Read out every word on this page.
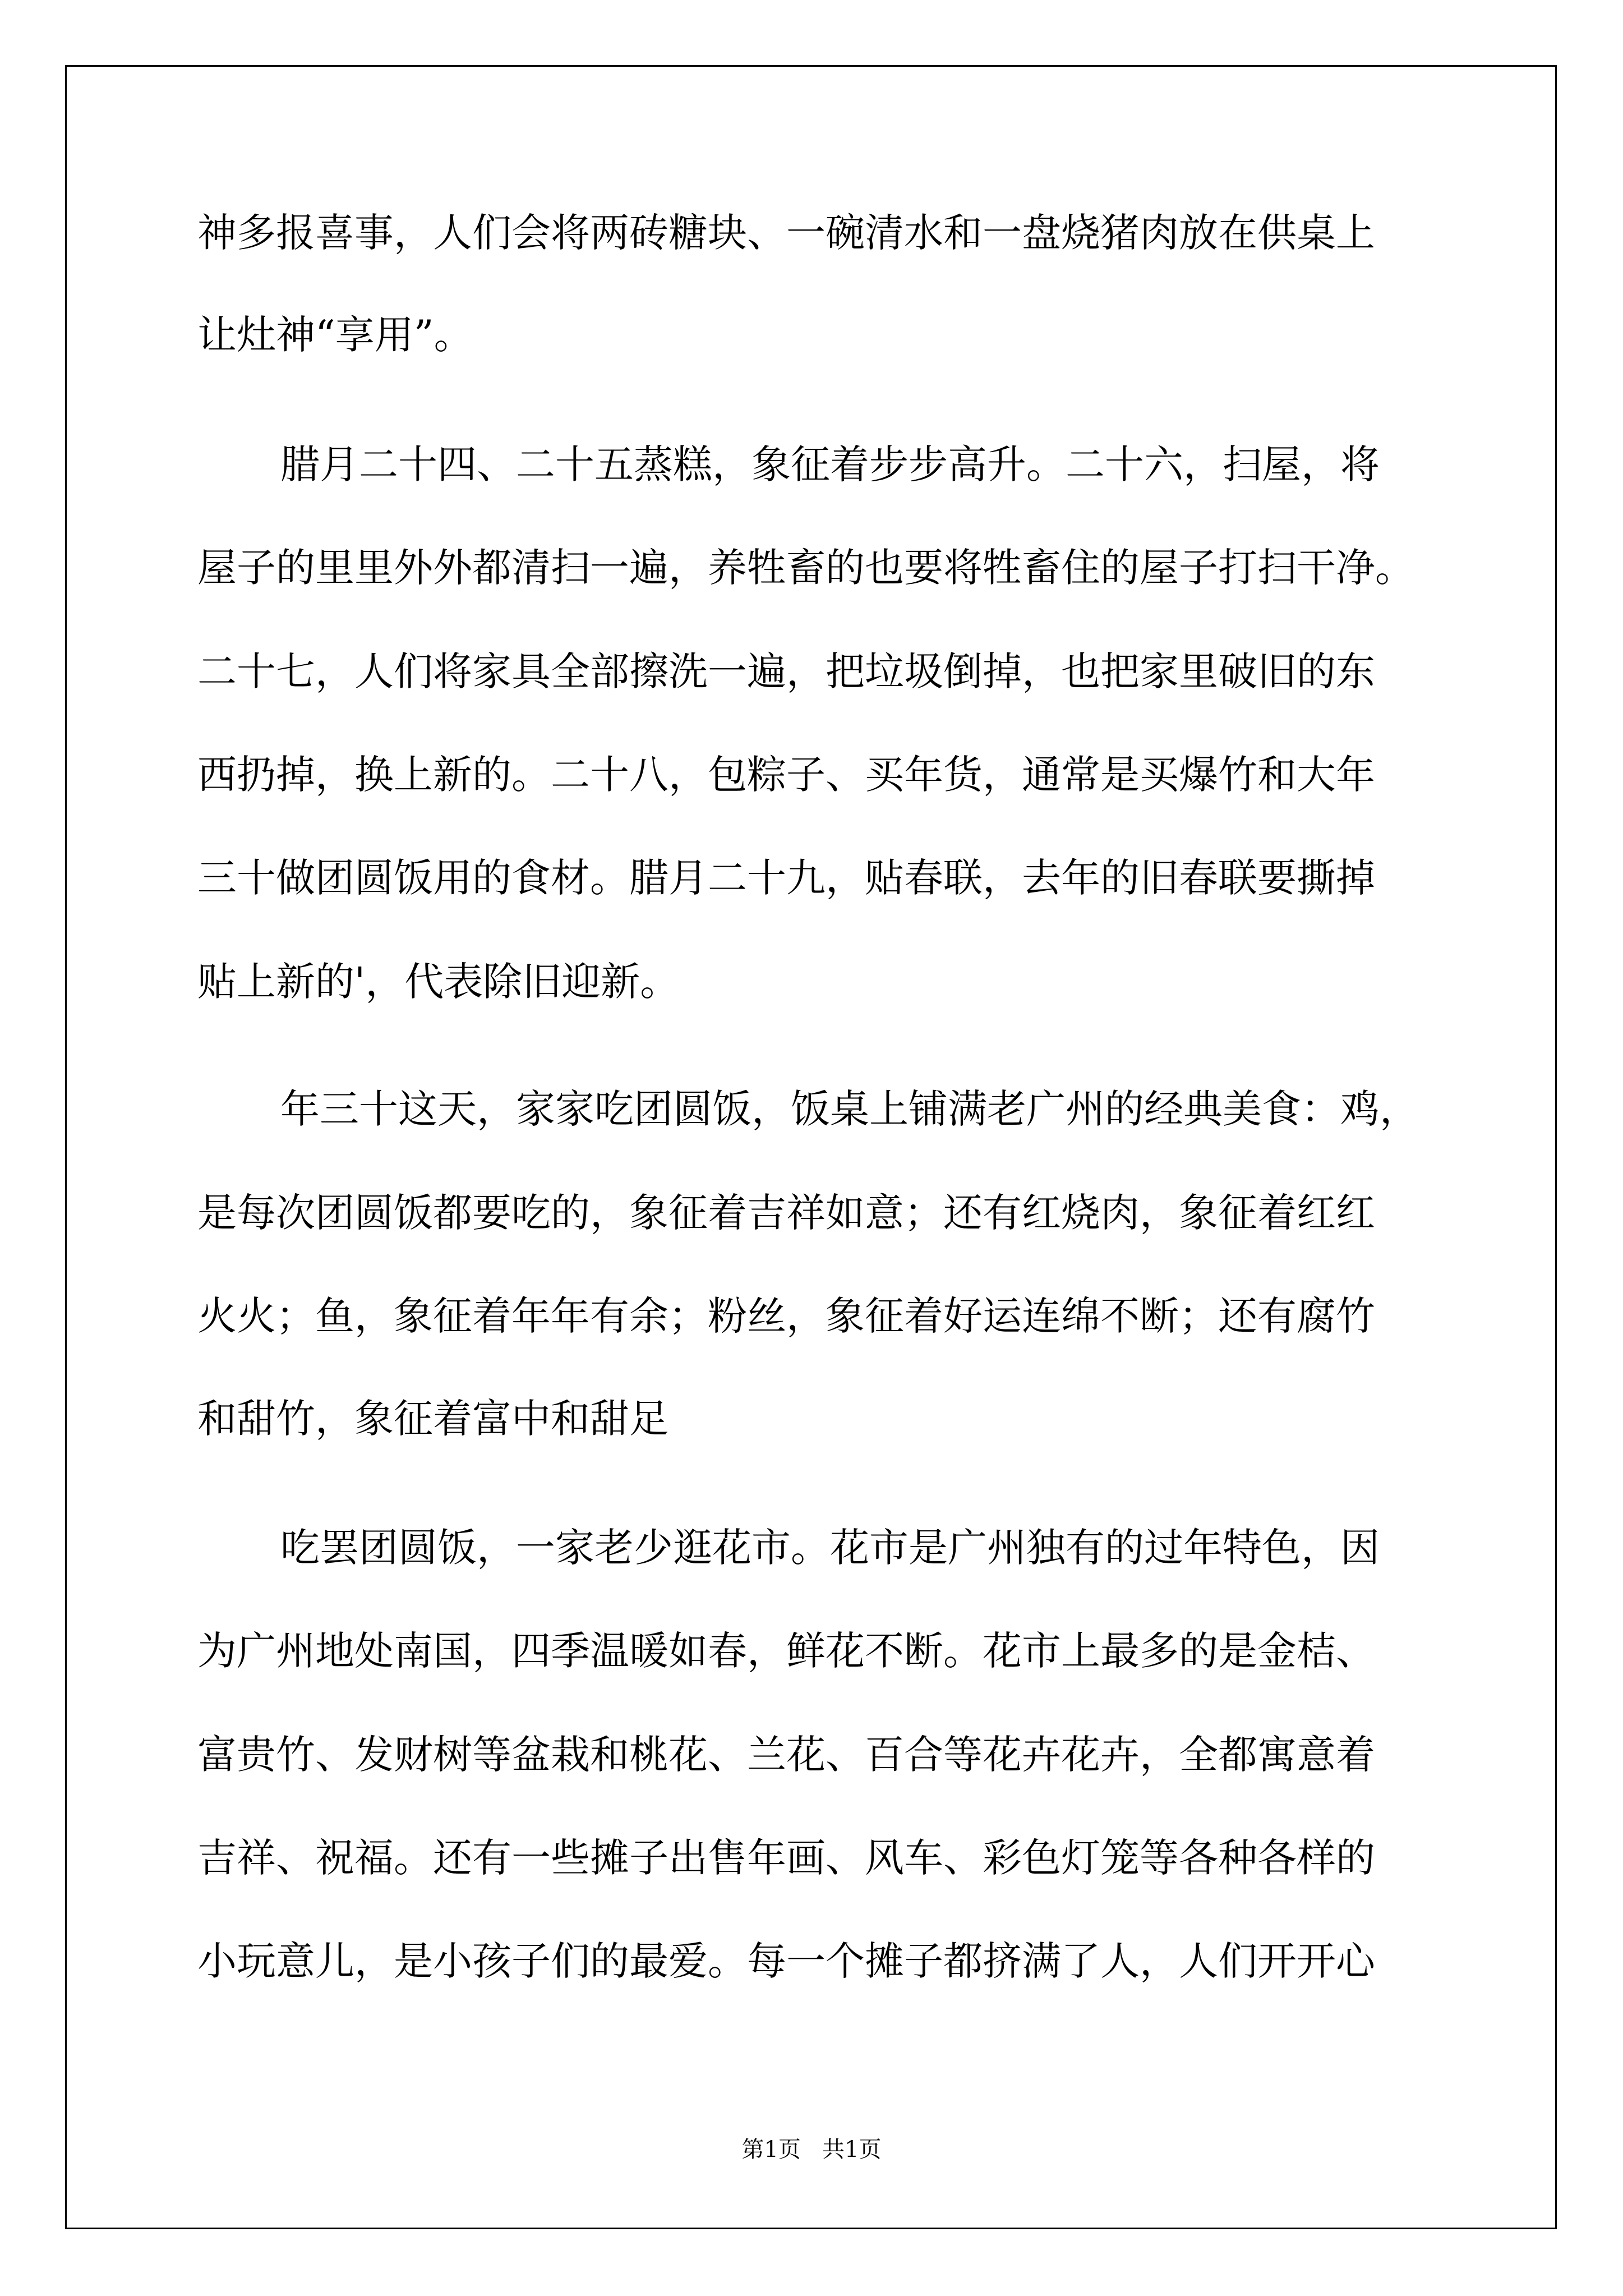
神多报喜事，人们会将两砖糖块、一碗清水和一盘烧猪肉放在供桌上
让灶神“享用”。
腊月二十四、二十五蒸糕，象征着步步高升。二十六，扫屋，将
屋子的里里外外都清扫一遍，养牲畜的也要将牲畜住的屋子打扫干净。
二十七，人们将家具全部擦洗一遍，把垃圾倒掉，也把家里破旧的东
西扔掉，换上新的。二十八，包粽子、买年货，通常是买爆竹和大年
三十做团圆饭用的食材。腊月二十九，贴春联，去年的旧春联要撕掉
贴上新的'，代表除旧迎新。
年三十这天，家家吃团圆饭，饭桌上铺满老广州的经典美食：鸡，
是每次团圆饭都要吃的，象征着吉祥如意；还有红烧肉，象征着红红
火火；鱼，象征着年年有余；粉丝，象征着好运连绵不断；还有腐竹
和甜竹，象征着富中和甜足
吃罢团圆饭，一家老少逛花市。花市是广州独有的过年特色，因
为广州地处南国，四季温暖如春，鲜花不断。花市上最多的是金桔、
富贵竹、发财树等盆栽和桃花、兰花、百合等花卉花卉，全都寓意着
吉祥、祝福。还有一些摊子出售年画、风车、彩色灯笼等各种各样的
小玩意儿，是小孩子们的最爱。每一个摊子都挤满了人，人们开开心
第1页   共1页
